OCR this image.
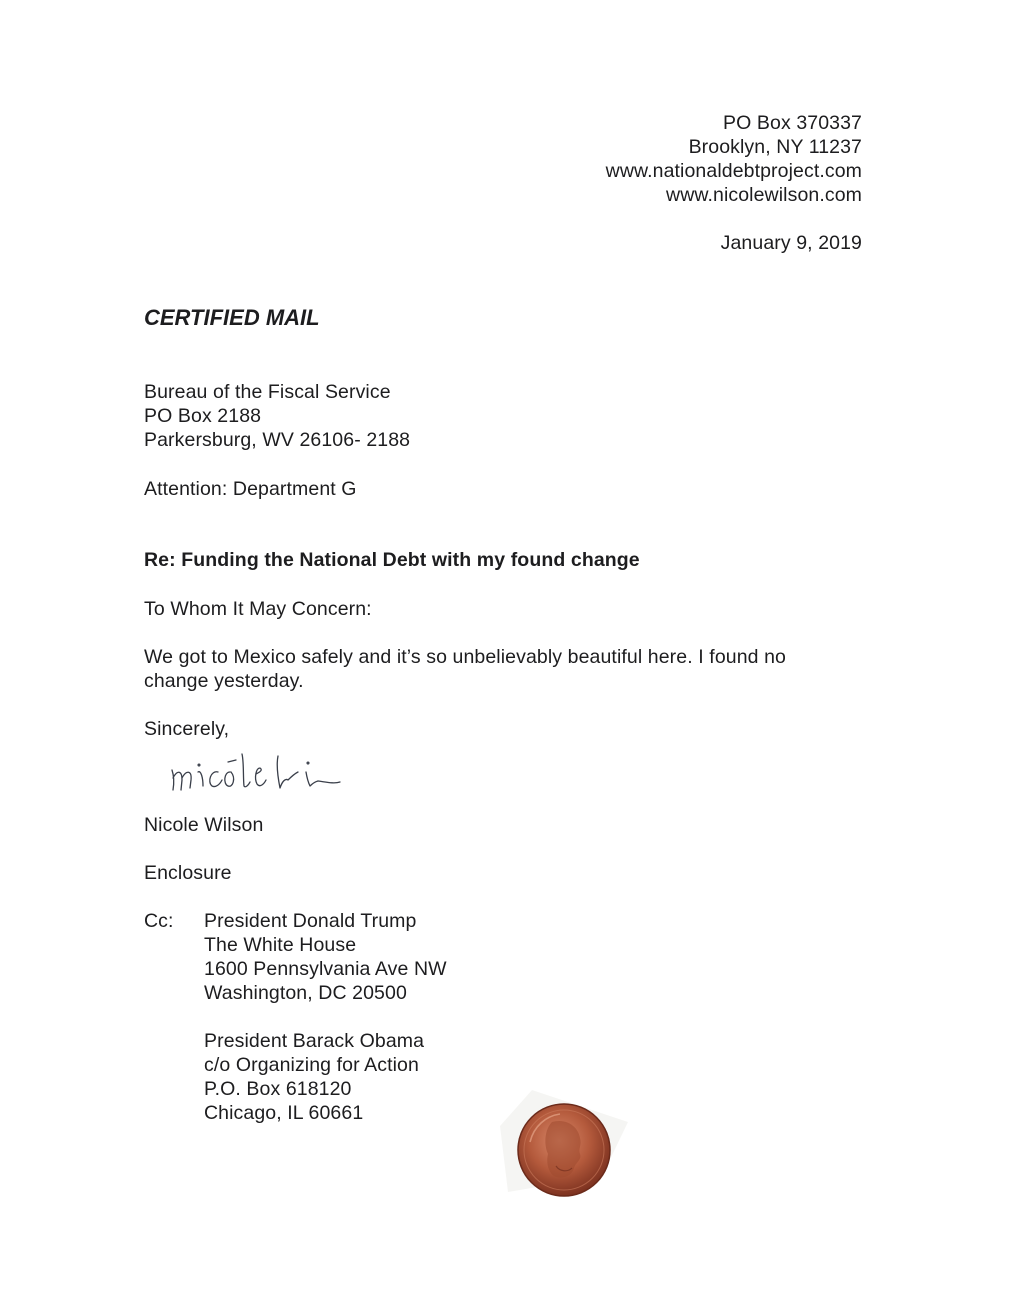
PO Box 370337
Brooklyn, NY 11237
www.nationaldebtproject.com
www.nicolewilson.com
January 9, 2019
CERTIFIED MAIL
Bureau of the Fiscal Service
PO Box 2188
Parkersburg, WV 26106- 2188
Attention: Department G
Re: Funding the National Debt with my found change
To Whom It May Concern:
We got to Mexico safely and it’s so unbelievably beautiful here. I found no
change yesterday.
Sincerely,
Nicole Wilson
Enclosure
Cc: President Donald Trump
The White House
1600 Pennsylvania Ave NW
Washington, DC 20500
President Barack Obama
c/o Organizing for Action
P.O. Box 618120
Chicago, IL 60661
